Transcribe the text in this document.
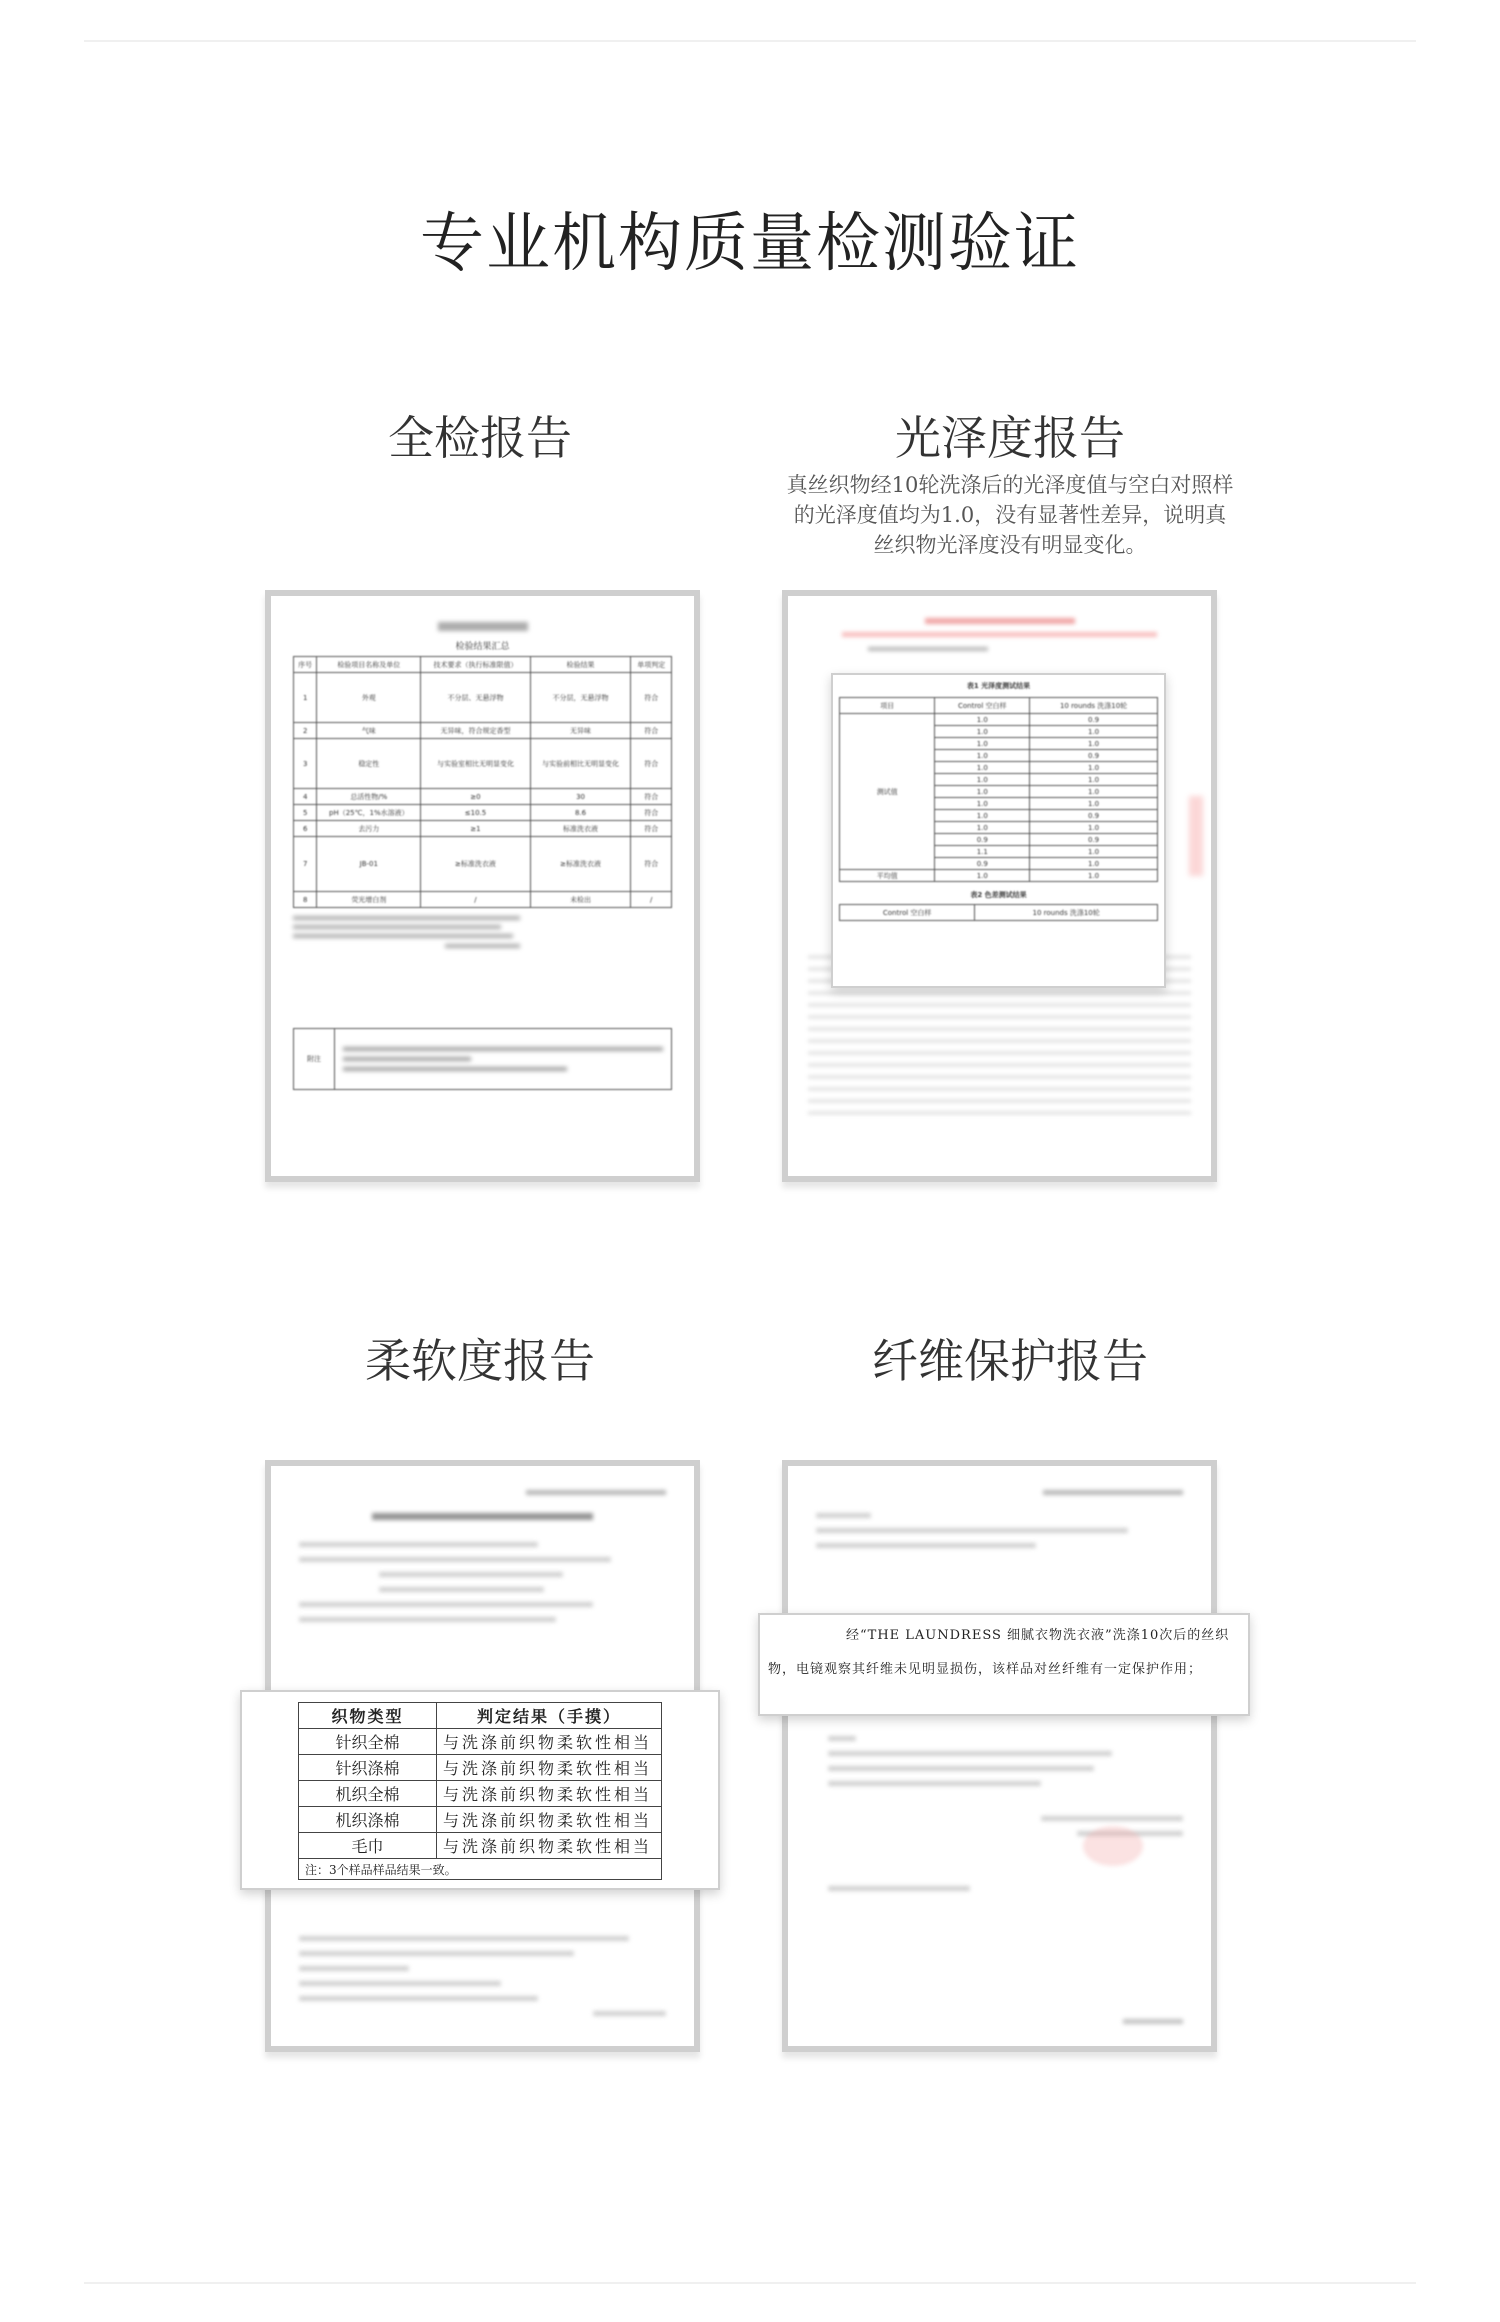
专业机构质量检测验证
全检报告	光泽度报告
真丝织物经10轮洗涤后的光泽度值与空白对照样
的光泽度值均为1.0，没有显著性差异，说明真
丝织物光泽度没有明显变化。
柔软度报告	纤维保护报告
检验结果汇总
序号	检验项目名称及单位	技术要求（执行标准限值）	检验结果	单项判定
1	外观	不分层、无悬浮物	不分层，无悬浮物	符合
2	气味	无异味，符合规定香型	无异味	符合
3	稳定性	与实验室相比无明显变化	与实验前相比无明显变化	符合
4	总活性物/%	≥0	30	符合
5	pH（25℃，1%水溶液）	≤10.5	8.6	符合
6	去污力	≥1	标准洗衣液	符合
7	JB-01	≥标准洗衣液	≥标准洗衣液	符合
8	荧光增白剂	/	未检出	/
附注
表1 光泽度测试结果
项目	Control 空白样	10 rounds 洗涤10轮
测试值	1.0	0.9
	1.0	1.0
	1.0	1.0
	1.0	0.9
	1.0	1.0
	1.0	1.0
	1.0	1.0
	1.0	1.0
	1.0	0.9
	1.0	1.0
	0.9	0.9
	1.1	1.0
	0.9	1.0
平均值	1.0	1.0
表2 色差测试结果
Control 空白样	10 rounds 洗涤10轮
织物类型	判定结果（手摸）
针织全棉	与洗涤前织物柔软性相当
针织涤棉	与洗涤前织物柔软性相当
机织全棉	与洗涤前织物柔软性相当
机织涤棉	与洗涤前织物柔软性相当
毛巾	与洗涤前织物柔软性相当
注：3个样品样品结果一致。	
经“THE LAUNDRESS 细腻衣物洗衣液”洗涤10次后的丝织物，电镜观察其纤维未见明显损伤，该样品对丝纤维有一定保护作用；
